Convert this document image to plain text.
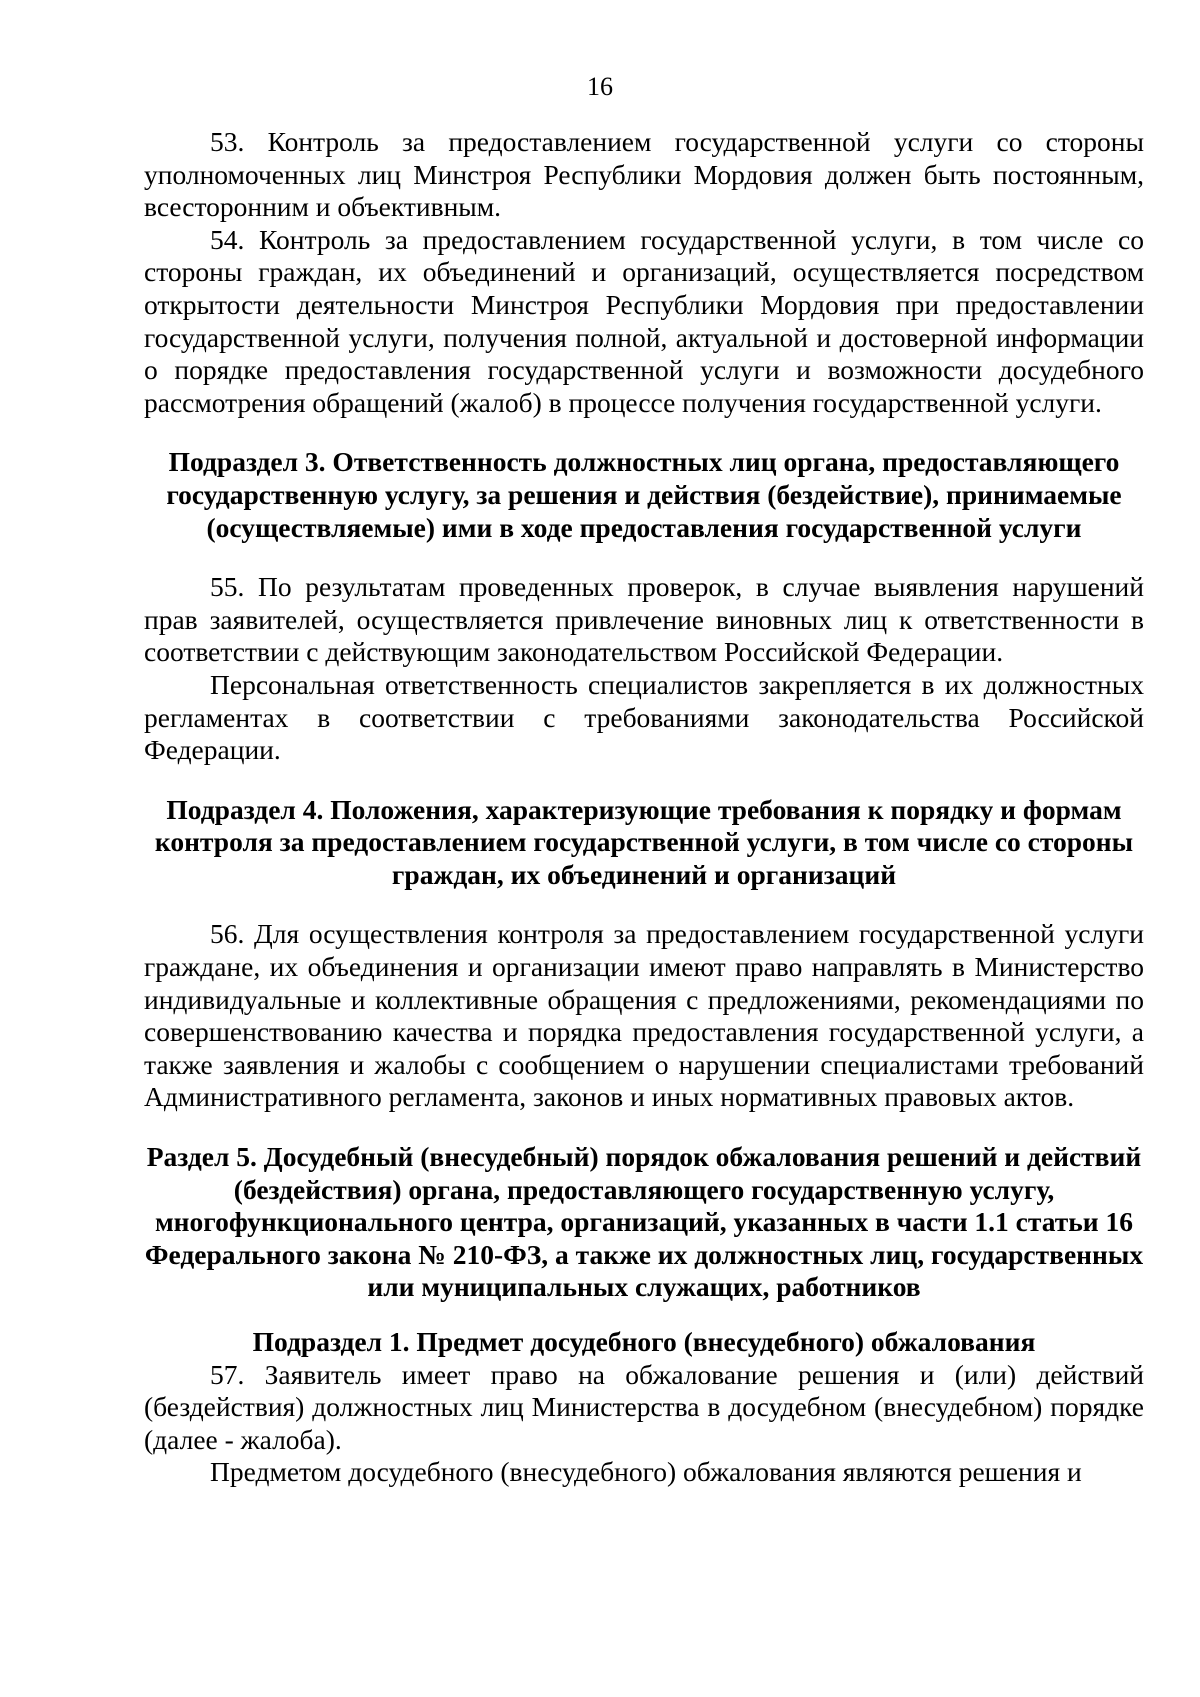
16

53. Контроль за предоставлением государственной услуги со стороны уполномоченных лиц Минстроя Республики Мордовия должен быть постоянным, всесторонним и объективным.

54. Контроль за предоставлением государственной услуги, в том числе со стороны граждан, их объединений и организаций, осуществляется посредством открытости деятельности Минстроя Республики Мордовия при предоставлении государственной услуги, получения полной, актуальной и достоверной информации о порядке предоставления государственной услуги и возможности досудебного рассмотрения обращений (жалоб) в процессе получения государственной услуги.

Подраздел 3. Ответственность должностных лиц органа, предоставляющего государственную услугу, за решения и действия (бездействие), принимаемые (осуществляемые) ими в ходе предоставления государственной услуги

55. По результатам проведенных проверок, в случае выявления нарушений прав заявителей, осуществляется привлечение виновных лиц к ответственности в соответствии с действующим законодательством Российской Федерации.

Персональная ответственность специалистов закрепляется в их должностных регламентах в соответствии с требованиями законодательства Российской Федерации.

Подраздел 4. Положения, характеризующие требования к порядку и формам контроля за предоставлением государственной услуги, в том числе со стороны граждан, их объединений и организаций

56. Для осуществления контроля за предоставлением государственной услуги граждане, их объединения и организации имеют право направлять в Министерство индивидуальные и коллективные обращения с предложениями, рекомендациями по совершенствованию качества и порядка предоставления государственной услуги, а также заявления и жалобы с сообщением о нарушении специалистами требований Административного регламента, законов и иных нормативных правовых актов.

Раздел 5. Досудебный (внесудебный) порядок обжалования решений и действий (бездействия) органа, предоставляющего государственную услугу, многофункционального центра, организаций, указанных в части 1.1 статьи 16 Федерального закона № 210-ФЗ, а также их должностных лиц, государственных или муниципальных служащих, работников

Подраздел 1. Предмет досудебного (внесудебного) обжалования

57. Заявитель имеет право на обжалование решения и (или) действий (бездействия) должностных лиц Министерства в досудебном (внесудебном) порядке (далее - жалоба).

Предметом досудебного (внесудебного) обжалования являются решения и
